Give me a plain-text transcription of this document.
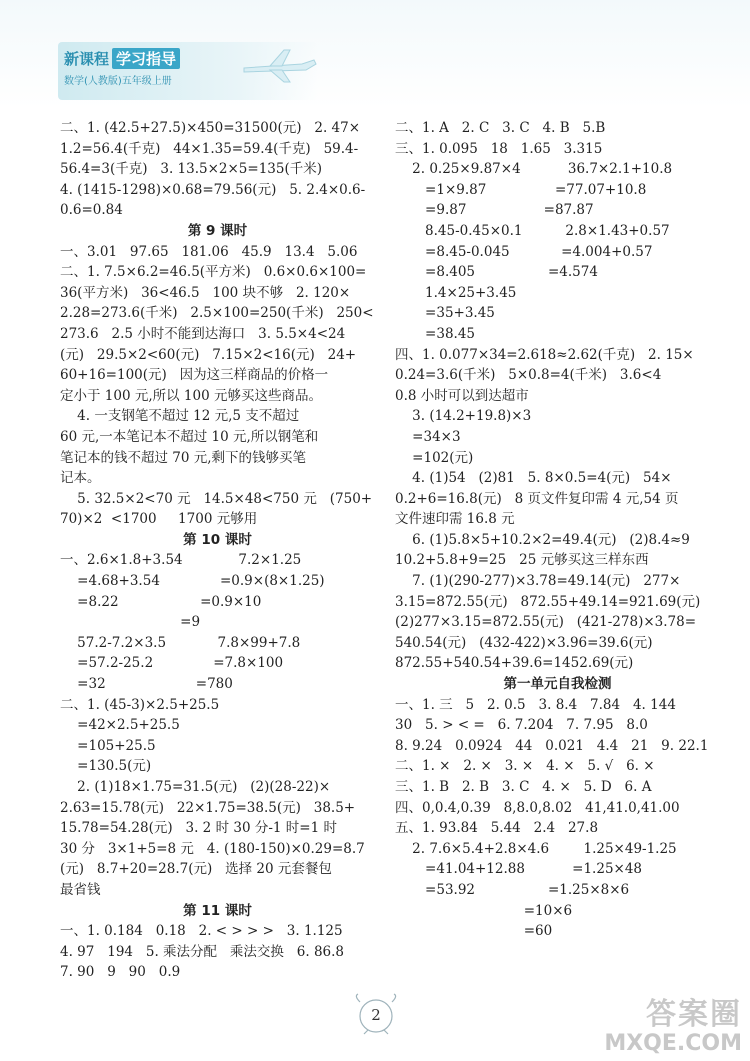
新课程 学习指导
数学(人教版)五年级上册
二、1. (42.5+27.5)×450=31500(元)   2. 47×
1.2=56.4(千克)   44×1.35=59.4(千克)   59.4-
56.4=3(千克)   3. 13.5×2×5=135(千米)
4. (1415-1298)×0.68=79.56(元)   5. 2.4×0.6-
0.6=0.84
第 9 课时
一、3.01   97.65   181.06   45.9   13.4   5.06
二、1. 7.5×6.2=46.5(平方米)   0.6×0.6×100=
36(平方米)   36<46.5   100 块不够   2. 120×
2.28=273.6(千米)   2.5×100=250(千米)   250<
273.6   2.5 小时不能到达海口   3. 5.5×4<24
(元)   29.5×2<60(元)   7.15×2<16(元)   24+
60+16=100(元)   因为这三样商品的价格一
定小于 100 元,所以 100 元够买这些商品。
4. 一支钢笔不超过 12 元,5 支不超过
60 元,一本笔记本不超过 10 元,所以钢笔和
笔记本的钱不超过 70 元,剩下的钱够买笔
记本。
5. 32.5×2<70 元   14.5×48<750 元   (750+
70)×2  <1700     1700 元够用
第 10 课时
一、2.6×1.8+3.54             7.2×1.25
=4.68+3.54              =0.9×(8×1.25)
=8.22                   =0.9×10
=9
57.2-7.2×3.5            7.8×99+7.8
=57.2-25.2              =7.8×100
=32                     =780
二、1. (45-3)×2.5+25.5
=42×2.5+25.5
=105+25.5
=130.5(元)
2. (1)18×1.75=31.5(元)   (2)(28-22)×
2.63=15.78(元)   22×1.75=38.5(元)   38.5+
15.78=54.28(元)   3. 2 时 30 分-1 时=1 时
30 分   3×1+5=8 元   4. (180-150)×0.29=8.7
(元)   8.7+20=28.7(元)   选择 20 元套餐包
最省钱
第 11 课时
一、1. 0.184   0.18   2. < > > >   3. 1.125
4. 97   194   5. 乘法分配   乘法交换   6. 86.8
7. 90   9   90   0.9
二、1. A   2. C   3. C   4. B   5.B
三、1. 0.095   18   1.65   3.315
2. 0.25×9.87×4           36.7×2.1+10.8
=1×9.87                =77.07+10.8
=9.87                  =87.87
8.45-0.45×0.1          2.8×1.43+0.57
=8.45-0.045            =4.004+0.57
=8.405                 =4.574
1.4×25+3.45
=35+3.45
=38.45
四、1. 0.077×34=2.618≈2.62(千克)   2. 15×
0.24=3.6(千米)   5×0.8=4(千米)   3.6<4
0.8 小时可以到达超市
3. (14.2+19.8)×3
=34×3
=102(元)
4. (1)54   (2)81   5. 8×0.5=4(元)   54×
0.2+6=16.8(元)   8 页文件复印需 4 元,54 页
文件速印需 16.8 元
6. (1)5.8×5+10.2×2=49.4(元)   (2)8.4≈9
10.2+5.8+9=25   25 元够买这三样东西
7. (1)(290-277)×3.78=49.14(元)   277×
3.15=872.55(元)   872.55+49.14=921.69(元)
(2)277×3.15=872.55(元)   (421-278)×3.78=
540.54(元)   (432-422)×3.96=39.6(元)
872.55+540.54+39.6=1452.69(元)
第一单元自我检测
一、1. 三   5   2. 0.5   3. 8.4   7.84   4. 144
30   5. > < =   6. 7.204   7. 7.95   8.0
8. 9.24   0.0924   44   0.021   4.4   21   9. 22.1
二、1. ×   2. ×   3. ×   4. ×   5. √   6. ×
三、1. B   2. B   3. C   4. ×   5. D   6. A
四、0,0.4,0.39   8,8.0,8.02   41,41.0,41.00
五、1. 93.84   5.44   2.4   27.8
2. 7.6×5.4+2.8×4.6        1.25×49-1.25
=41.04+12.88           =1.25×48
=53.92                 =1.25×8×6
=10×6
=60
2	答案圈
MXQE.COM
